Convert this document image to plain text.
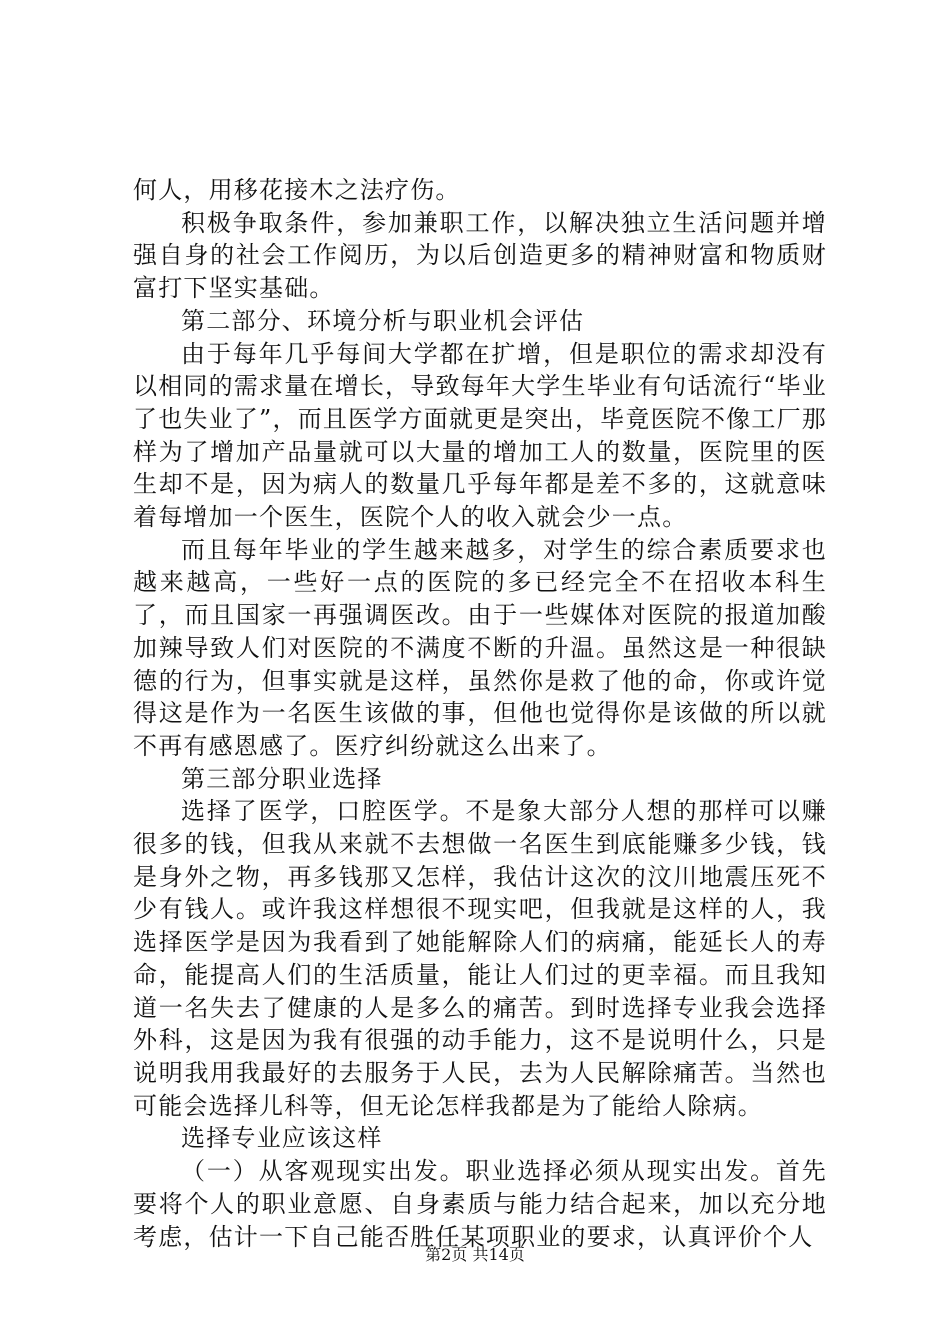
何人，用移花接木之法疗伤。

积极争取条件，参加兼职工作，以解决独立生活问题并增强自身的社会工作阅历，为以后创造更多的精神财富和物质财富打下坚实基础。

第二部分、环境分析与职业机会评估

由于每年几乎每间大学都在扩增，但是职位的需求却没有以相同的需求量在增长，导致每年大学生毕业有句话流行“毕业了也失业了”，而且医学方面就更是突出，毕竟医院不像工厂那样为了增加产品量就可以大量的增加工人的数量，医院里的医生却不是，因为病人的数量几乎每年都是差不多的，这就意味着每增加一个医生，医院个人的收入就会少一点。

而且每年毕业的学生越来越多，对学生的综合素质要求也越来越高，一些好一点的医院的多已经完全不在招收本科生了，而且国家一再强调医改。由于一些媒体对医院的报道加酸加辣导致人们对医院的不满度不断的升温。虽然这是一种很缺德的行为，但事实就是这样，虽然你是救了他的命，你或许觉得这是作为一名医生该做的事，但他也觉得你是该做的所以就不再有感恩感了。医疗纠纷就这么出来了。

第三部分职业选择

选择了医学，口腔医学。不是象大部分人想的那样可以赚很多的钱，但我从来就不去想做一名医生到底能赚多少钱，钱是身外之物，再多钱那又怎样，我估计这次的汶川地震压死不少有钱人。或许我这样想很不现实吧，但我就是这样的人，我选择医学是因为我看到了她能解除人们的病痛，能延长人的寿命，能提高人们的生活质量，能让人们过的更幸福。而且我知道一名失去了健康的人是多么的痛苦。到时选择专业我会选择外科，这是因为我有很强的动手能力，这不是说明什么，只是说明我用我最好的去服务于人民，去为人民解除痛苦。当然也可能会选择儿科等，但无论怎样我都是为了能给人除病。

选择专业应该这样

（一）从客观现实出发。职业选择必须从现实出发。首先要将个人的职业意愿、自身素质与能力结合起来，加以充分地考虑，估计一下自己能否胜任某项职业的要求，认真评价个人

第2页 共14页
